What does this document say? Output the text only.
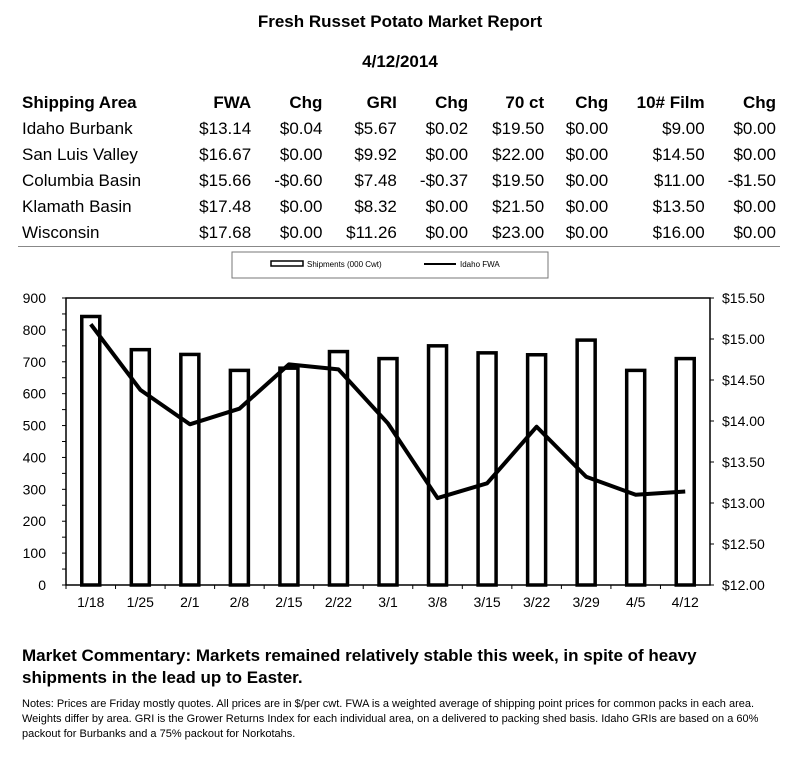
Fresh Russet Potato Market Report
4/12/2014
Shipping Area	FWA	Chg	GRI	Chg	70 ct	Chg	10# Film	Chg
Idaho Burbank	$13.14	$0.04	$5.67	$0.02	$19.50	$0.00	$9.00	$0.00
San Luis Valley	$16.67	$0.00	$9.92	$0.00	$22.00	$0.00	$14.50	$0.00
Columbia Basin	$15.66	-$0.60	$7.48	-$0.37	$19.50	$0.00	$11.00	-$1.50
Klamath Basin	$17.48	$0.00	$8.32	$0.00	$21.50	$0.00	$13.50	$0.00
Wisconsin	$17.68	$0.00	$11.26	$0.00	$23.00	$0.00	$16.00	$0.00
Shipments (000 Cwt)	Idaho FWA
0
100
200
300
400
500
600
700
800
900
$12.00
$12.50
$13.00
$13.50
$14.00
$14.50
$15.00
$15.50
1/18 1/25 2/1 2/8 2/15 2/22 3/1 3/8 3/15 3/22 3/29 4/5 4/12
Market Commentary: Markets remained relatively stable this week, in spite of heavy shipments in the lead up to Easter.
Notes: Prices are Friday mostly quotes. All prices are in $/per cwt. FWA is a weighted average of shipping point prices for common packs in each area. Weights differ by area. GRI is the Grower Returns Index for each individual area, on a delivered to packing shed basis. Idaho GRIs are based on a 60% packout for Burbanks and a 75% packout for Norkotahs.
